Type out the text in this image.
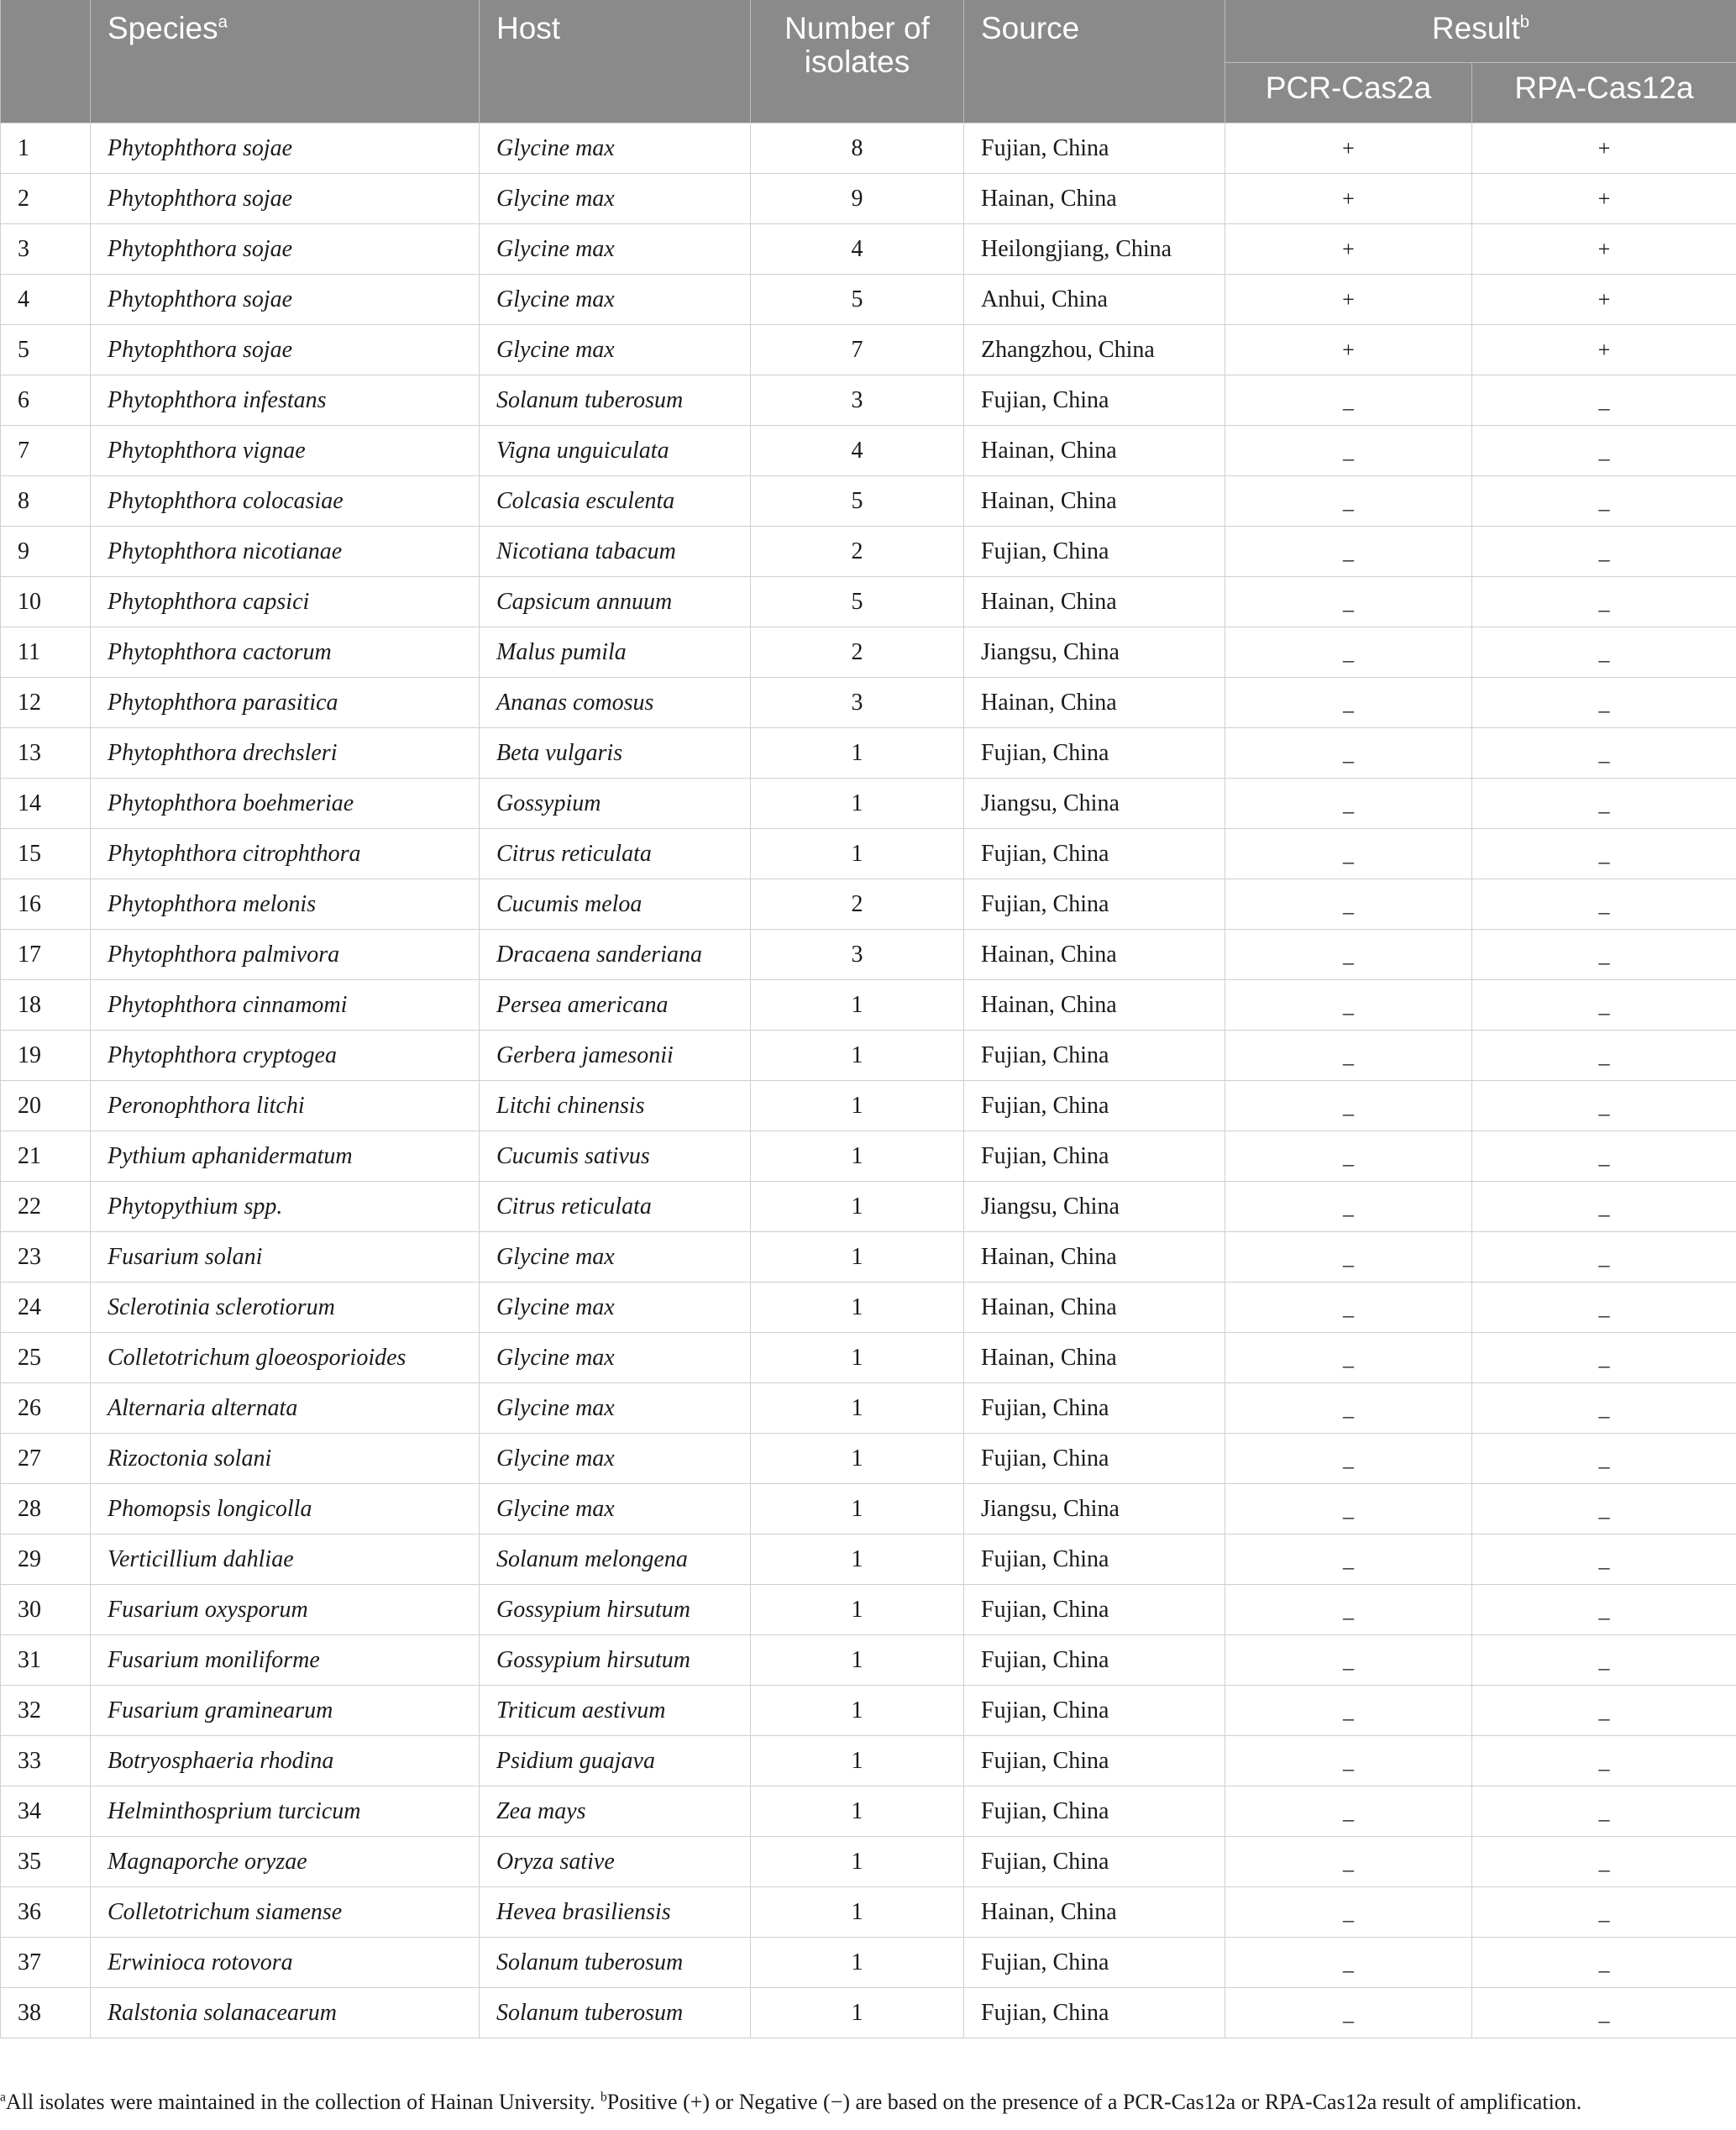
	Species$^a$	Host	Number of isolates	Source	Result$^b$
					PCR-Cas2a	RPA-Cas12a
1	Phytophthora sojae	Glycine max	8	Fujian, China	+	+
2	Phytophthora sojae	Glycine max	9	Hainan, China	+	+
3	Phytophthora sojae	Glycine max	4	Heilongjiang, China	+	+
4	Phytophthora sojae	Glycine max	5	Anhui, China	+	+
5	Phytophthora sojae	Glycine max	7	Zhangzhou, China	+	+
6	Phytophthora infestans	Solanum tuberosum	3	Fujian, China	_	_
7	Phytophthora vignae	Vigna unguiculata	4	Hainan, China	_	_
8	Phytophthora colocasiae	Colcasia esculenta	5	Hainan, China	_	_
9	Phytophthora nicotianae	Nicotiana tabacum	2	Fujian, China	_	_
10	Phytophthora capsici	Capsicum annuum	5	Hainan, China	_	_
11	Phytophthora cactorum	Malus pumila	2	Jiangsu, China	_	_
12	Phytophthora parasitica	Ananas comosus	3	Hainan, China	_	_
13	Phytophthora drechsleri	Beta vulgaris	1	Fujian, China	_	_
14	Phytophthora boehmeriae	Gossypium	1	Jiangsu, China	_	_
15	Phytophthora citrophthora	Citrus reticulata	1	Fujian, China	_	_
16	Phytophthora melonis	Cucumis meloa	2	Fujian, China	_	_
17	Phytophthora palmivora	Dracaena sanderiana	3	Hainan, China	_	_
18	Phytophthora cinnamomi	Persea americana	1	Hainan, China	_	_
19	Phytophthora cryptogea	Gerbera jamesonii	1	Fujian, China	_	_
20	Peronophthora litchi	Litchi chinensis	1	Fujian, China	_	_
21	Pythium aphanidermatum	Cucumis sativus	1	Fujian, China	_	_
22	Phytopythium spp.	Citrus reticulata	1	Jiangsu, China	_	_
23	Fusarium solani	Glycine max	1	Hainan, China	_	_
24	Sclerotinia sclerotiorum	Glycine max	1	Hainan, China	_	_
25	Colletotrichum gloeosporioides	Glycine max	1	Hainan, China	_	_
26	Alternaria alternata	Glycine max	1	Fujian, China	_	_
27	Rizoctonia solani	Glycine max	1	Fujian, China	_	_
28	Phomopsis longicolla	Glycine max	1	Jiangsu, China	_	_
29	Verticillium dahliae	Solanum melongena	1	Fujian, China	_	_
30	Fusarium oxysporum	Gossypium hirsutum	1	Fujian, China	_	_
31	Fusarium moniliforme	Gossypium hirsutum	1	Fujian, China	_	_
32	Fusarium graminearum	Triticum aestivum	1	Fujian, China	_	_
33	Botryosphaeria rhodina	Psidium guajava	1	Fujian, China	_	_
34	Helminthosprium turcicum	Zea mays	1	Fujian, China	_	_
35	Magnaporche oryzae	Oryza sative	1	Fujian, China	_	_
36	Colletotrichum siamense	Hevea brasiliensis	1	Hainan, China	_	_
37	Erwinioca rotovora	Solanum tuberosum	1	Fujian, China	_	_
38	Ralstonia solanacearum	Solanum tuberosum	1	Fujian, China	_	_
$^a$All isolates were maintained in the collection of Hainan University. $^b$Positive (+) or Negative (−) are based on the presence of a PCR-Cas12a or RPA-Cas12a result of amplification.
